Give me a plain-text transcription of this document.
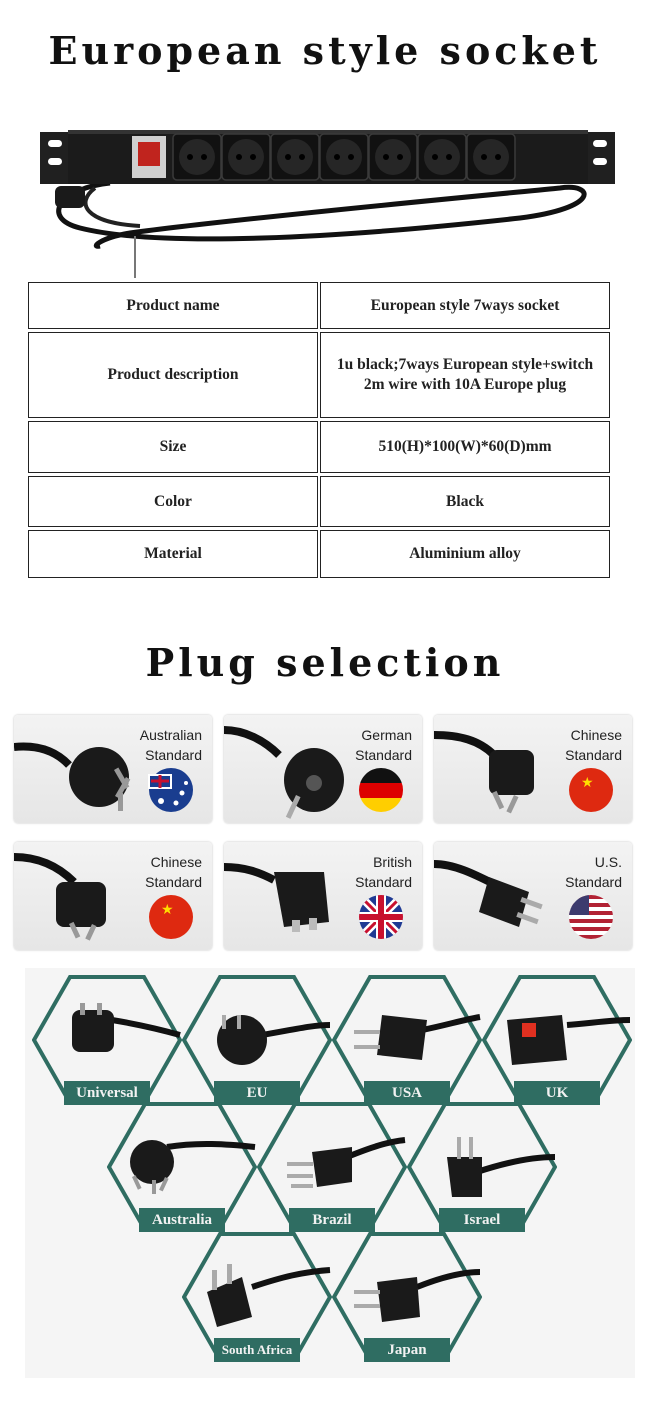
European style socket
Product name	European style 7ways socket
Product description
1u black;7ways European style+switch
2m wire with 10A Europe plug
Size	510(H)*100(W)*60(D)mm
Color	Black
Material	Aluminium alloy
Plug selection
Australian
Standard
German
Standard
★
Chinese
Standard
★
Chinese
Standard
British
Standard
U.S.
Standard
Universal	EU	USA	UK
Australia	Brazil	Israel
South Africa	Japan
